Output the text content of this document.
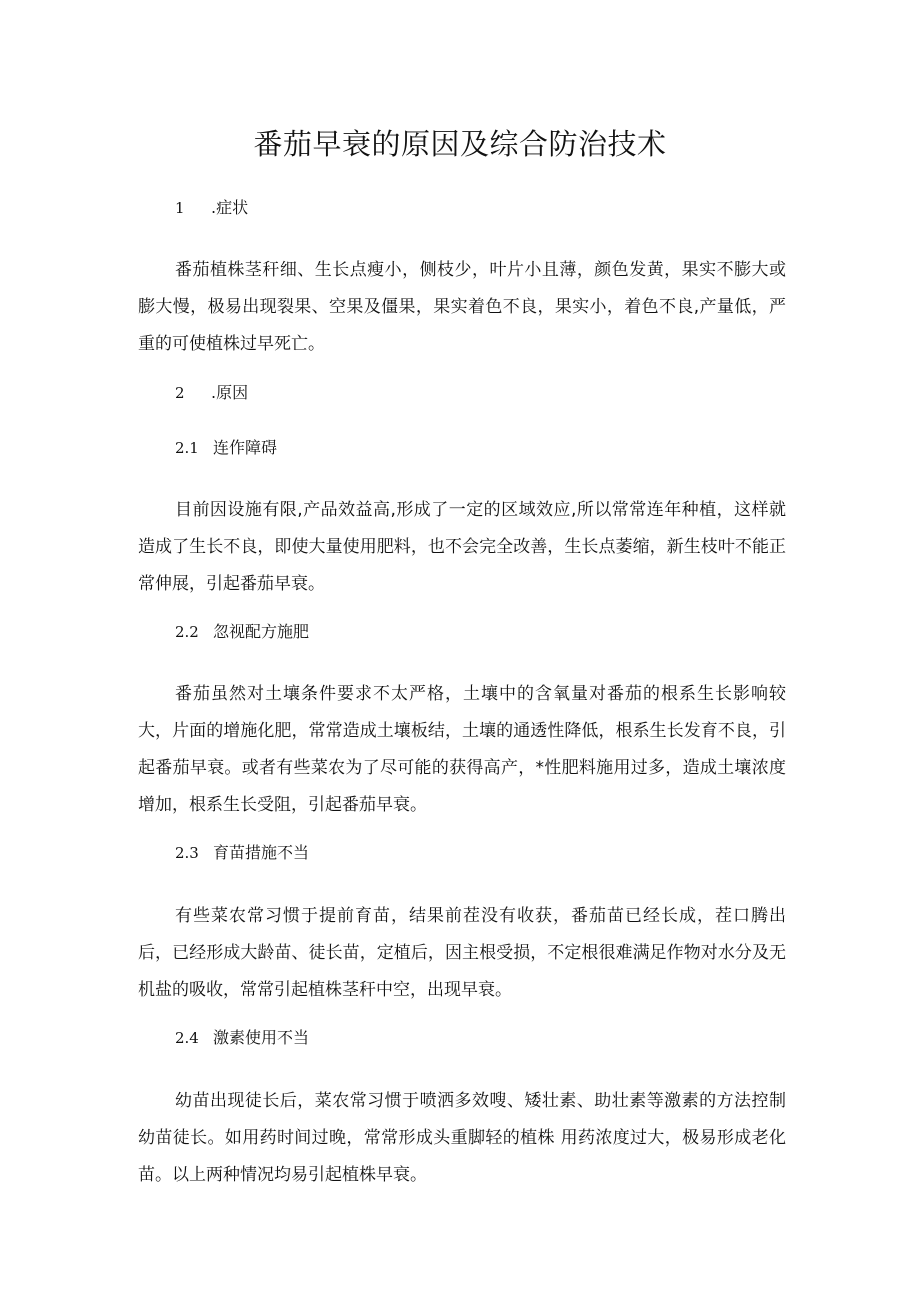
番茄早衰的原因及综合防治技术
1 .症状
番茄植株茎秆细、生长点瘦小，侧枝少，叶片小且薄，颜色发黄，果实不膨大或膨大慢，极易出现裂果、空果及僵果，果实着色不良，果实小，着色不良,产量低，严重的可使植株过早死亡。
2 .原因
2.1 连作障碍
目前因设施有限,产品效益高,形成了一定的区域效应,所以常常连年种植，这样就造成了生长不良，即使大量使用肥料，也不会完全改善，生长点萎缩，新生枝叶不能正常伸展，引起番茄早衰。
2.2 忽视配方施肥
番茄虽然对土壤条件要求不太严格，土壤中的含氧量对番茄的根系生长影响较大，片面的增施化肥，常常造成土壤板结，土壤的通透性降低，根系生长发育不良，引起番茄早衰。或者有些菜农为了尽可能的获得高产，*性肥料施用过多，造成土壤浓度增加，根系生长受阻，引起番茄早衰。
2.3 育苗措施不当
有些菜农常习惯于提前育苗，结果前茬没有收获，番茄苗已经长成，茬口腾出后，已经形成大龄苗、徒长苗，定植后，因主根受损，不定根很难满足作物对水分及无机盐的吸收，常常引起植株茎秆中空，出现早衰。
2.4 激素使用不当
幼苗出现徒长后，菜农常习惯于喷洒多效嗖、矮壮素、助壮素等激素的方法控制幼苗徒长。如用药时间过晚，常常形成头重脚轻的植株 用药浓度过大，极易形成老化苗。以上两种情况均易引起植株早衰。
